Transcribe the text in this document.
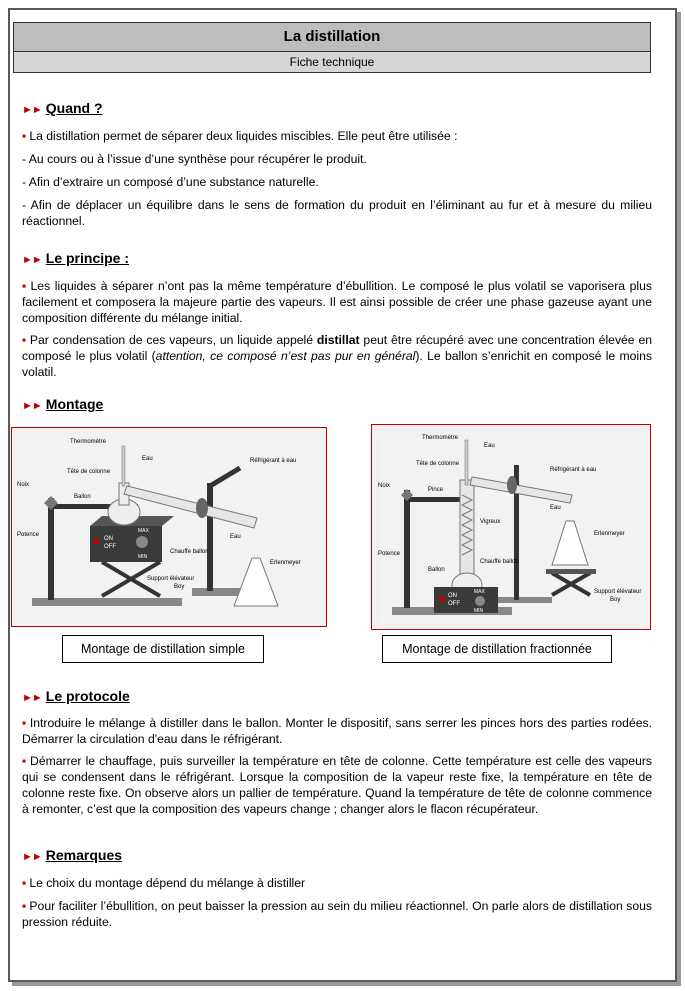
La distillation
Fiche technique
►► Quand ?
▪ La distillation permet de séparer deux liquides miscibles. Elle peut être utilisée :
- Au cours ou à l’issue d’une synthèse pour récupérer le produit.
- Afin d’extraire un composé d’une substance naturelle.
- Afin de déplacer un équilibre dans le sens de formation du produit en l’éliminant au fur et à mesure du milieu réactionnel.
►► Le principe :
▪ Les liquides à séparer n’ont pas la même température d’ébullition. Le composé le plus volatil se vaporisera plus facilement et composera la majeure partie des vapeurs. Il est ainsi possible de créer une phase gazeuse ayant une composition différente du mélange initial.
▪ Par condensation de ces vapeurs, un liquide appelé distillat peut être récupéré avec une concentration élevée en composé le plus volatil (attention, ce composé n’est pas pur en général). Le ballon s’enrichit en composé le moins volatil.
►► Montage
ON
OFF
MAX
MIN
Thermomètre
Eau
Tête de colonne
Réfrigérant à eau
Noix
Ballon
Potence	Eau
Chauffe ballon
Support élévateur
Boy
Erlenmeyer
Montage de distillation simple
ON
OFF
MAX
MIN
Thermomètre
Eau
Tête de colonne
Réfrigérant à eau
Noix
Pince
Eau
Vigreux
Erlenmeyer
Potence
Chauffe ballon
Ballon
Support élévateur
Boy
Montage de distillation fractionnée
►► Le protocole
▪ Introduire le mélange à distiller dans le ballon. Monter le dispositif, sans serrer les pinces hors des parties rodées. Démarrer la circulation d'eau dans le réfrigérant.
▪ Démarrer le chauffage, puis surveiller la température en tête de colonne. Cette température est celle des vapeurs qui se condensent dans le réfrigérant. Lorsque la composition de la vapeur reste fixe, la température en tête de colonne reste fixe. On observe alors un pallier de température. Quand la température de tête de colonne commence à remonter, c’est que la composition des vapeurs change ; changer alors le flacon récupérateur.
►► Remarques
▪ Le choix du montage dépend du mélange à distiller
▪ Pour faciliter l’ébullition, on peut baisser la pression au sein du milieu réactionnel. On parle alors de distillation sous pression réduite.
